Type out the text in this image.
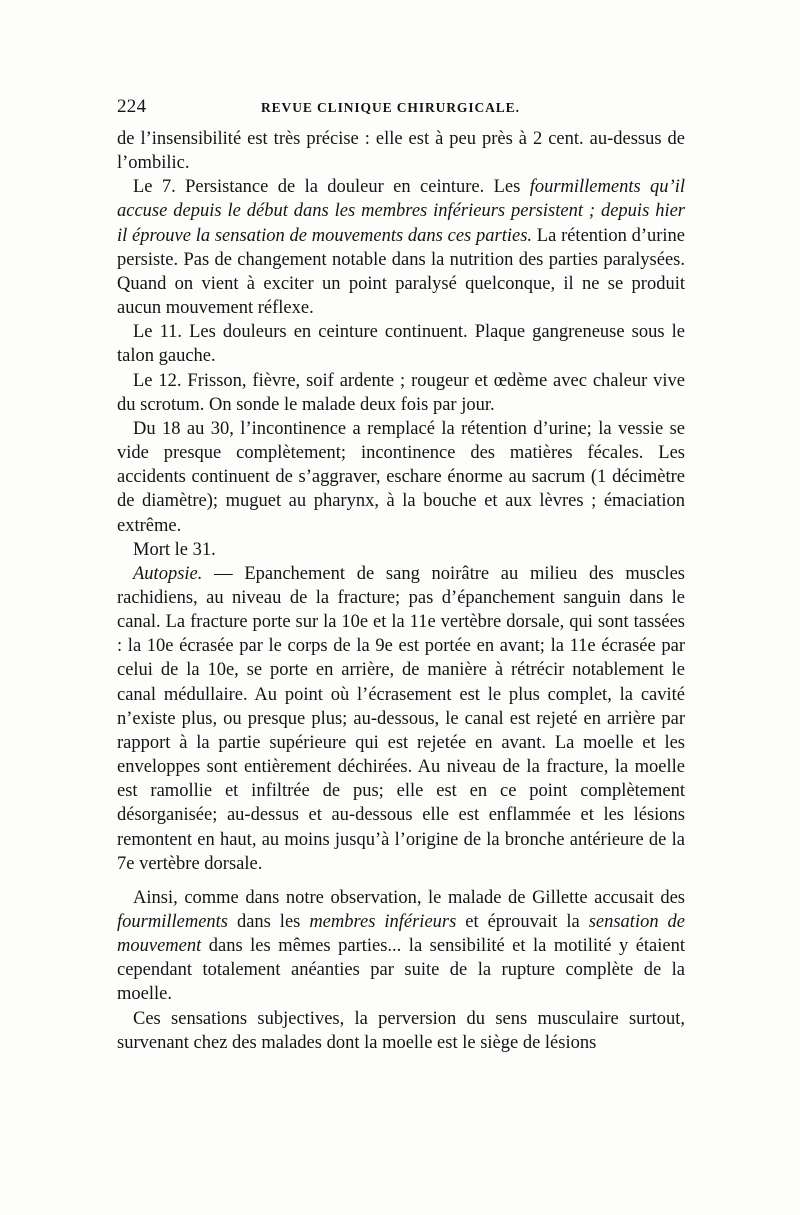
224	REVUE CLINIQUE CHIRURGICALE.

de l’insensibilité est très précise : elle est à peu près à 2 cent. au-dessus de l’ombilic.

Le 7. Persistance de la douleur en ceinture. Les fourmillements qu’il accuse depuis le début dans les membres inférieurs persistent ; depuis hier il éprouve la sensation de mouvements dans ces parties. La rétention d’urine persiste. Pas de changement notable dans la nutrition des parties paralysées. Quand on vient à exciter un point paralysé quelconque, il ne se produit aucun mouvement réflexe.

Le 11. Les douleurs en ceinture continuent. Plaque gangreneuse sous le talon gauche.

Le 12. Frisson, fièvre, soif ardente ; rougeur et œdème avec chaleur vive du scrotum. On sonde le malade deux fois par jour.

Du 18 au 30, l’incontinence a remplacé la rétention d’urine; la vessie se vide presque complètement; incontinence des matières fécales. Les accidents continuent de s’aggraver, eschare énorme au sacrum (1 décimètre de diamètre); muguet au pharynx, à la bouche et aux lèvres ; émaciation extrême.

Mort le 31.

Autopsie. — Epanchement de sang noirâtre au milieu des muscles rachidiens, au niveau de la fracture; pas d’épanchement sanguin dans le canal. La fracture porte sur la 10e et la 11e vertèbre dorsale, qui sont tassées : la 10e écrasée par le corps de la 9e est portée en avant; la 11e écrasée par celui de la 10e, se porte en arrière, de manière à rétrécir notablement le canal médullaire. Au point où l’écrasement est le plus complet, la cavité n’existe plus, ou presque plus; au-dessous, le canal est rejeté en arrière par rapport à la partie supérieure qui est rejetée en avant. La moelle et les enveloppes sont entièrement déchirées. Au niveau de la fracture, la moelle est ramollie et infiltrée de pus; elle est en ce point complètement désorganisée; au-dessus et au-dessous elle est enflammée et les lésions remontent en haut, au moins jusqu’à l’origine de la bronche antérieure de la 7e vertèbre dorsale.

Ainsi, comme dans notre observation, le malade de Gillette accusait des fourmillements dans les membres inférieurs et éprouvait la sensation de mouvement dans les mêmes parties... la sensibilité et la motilité y étaient cependant totalement anéanties par suite de la rupture complète de la moelle.

Ces sensations subjectives, la perversion du sens musculaire surtout, survenant chez des malades dont la moelle est le siège de lésions
